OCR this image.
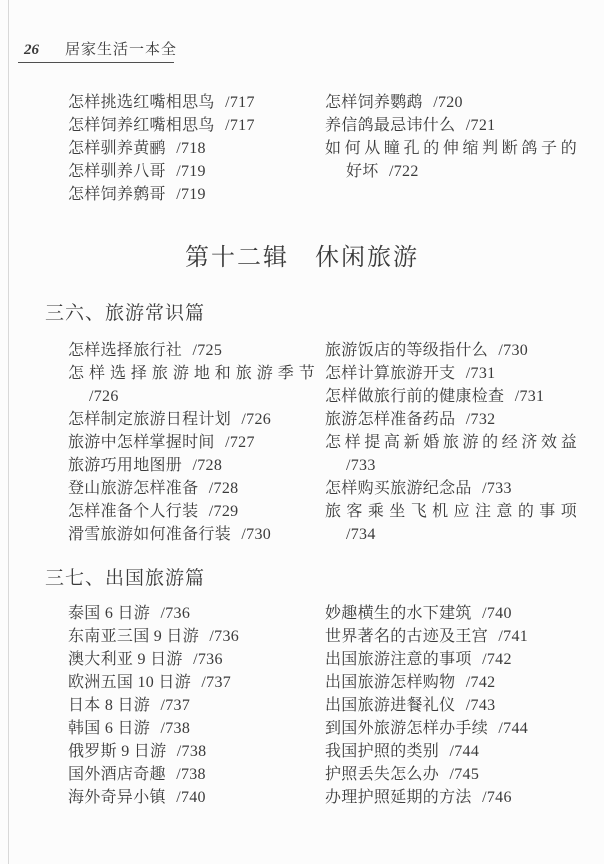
26 居家生活一本全
怎样挑选红嘴相思鸟 /717
怎样饲养红嘴相思鸟 /717
怎样驯养黄鹂 /718
怎样驯养八哥 /719
怎样饲养鹩哥 /719
怎样饲养鹦鹉 /720
养信鸽最忌讳什么 /721
如何从瞳孔的伸缩判断鸽子的
好坏 /722
第十二辑　休闲旅游
三六、旅游常识篇
怎样选择旅行社 /725
怎样选择旅游地和旅游季节
/726
怎样制定旅游日程计划 /726
旅游中怎样掌握时间 /727
旅游巧用地图册 /728
登山旅游怎样准备 /728
怎样准备个人行装 /729
滑雪旅游如何准备行装 /730
旅游饭店的等级指什么 /730
怎样计算旅游开支 /731
怎样做旅行前的健康检查 /731
旅游怎样准备药品 /732
怎样提高新婚旅游的经济效益
/733
怎样购买旅游纪念品 /733
旅客乘坐飞机应注意的事项
/734
三七、出国旅游篇
泰国 6 日游 /736
东南亚三国 9 日游 /736
澳大利亚 9 日游 /736
欧洲五国 10 日游 /737
日本 8 日游 /737
韩国 6 日游 /738
俄罗斯 9 日游 /738
国外酒店奇趣 /738
海外奇异小镇 /740
妙趣横生的水下建筑 /740
世界著名的古迹及王宫 /741
出国旅游注意的事项 /742
出国旅游怎样购物 /742
出国旅游进餐礼仪 /743
到国外旅游怎样办手续 /744
我国护照的类别 /744
护照丢失怎么办 /745
办理护照延期的方法 /746
